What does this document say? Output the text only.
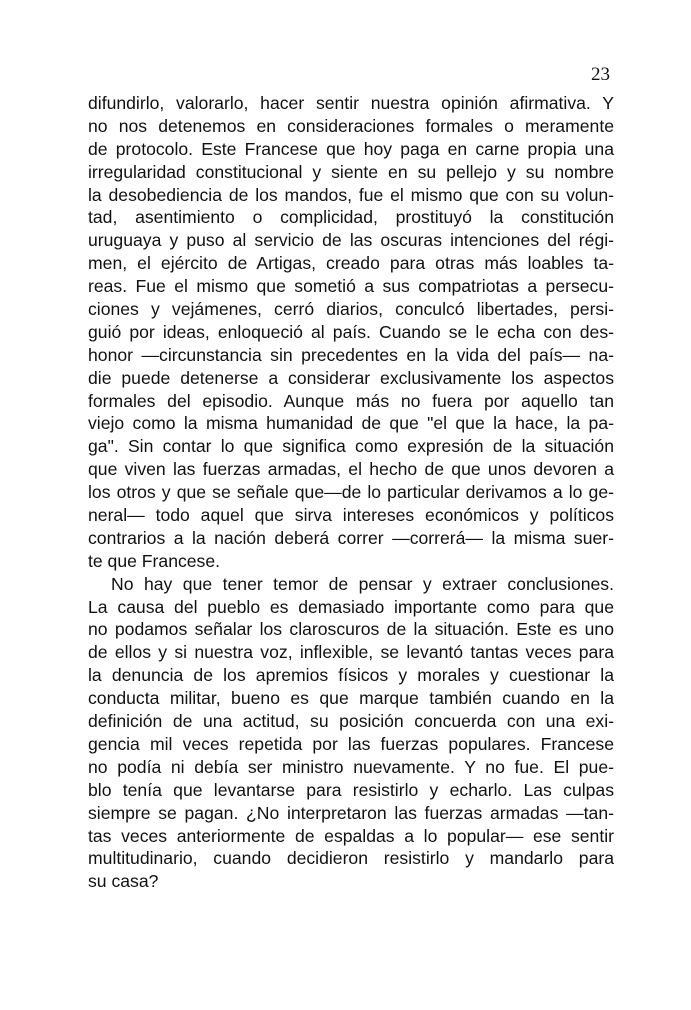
23
difundirlo, valorarlo, hacer sentir nuestra opinión afirmativa. Y
no nos detenemos en consideraciones formales o meramente
de protocolo. Este Francese que hoy paga en carne propia una
irregularidad constitucional y siente en su pellejo y su nombre
la desobediencia de los mandos, fue el mismo que con su volun-
tad, asentimiento o complicidad, prostituyó la constitución
uruguaya y puso al servicio de las oscuras intenciones del régi-
men, el ejército de Artigas, creado para otras más loables ta-
reas. Fue el mismo que sometió a sus compatriotas a persecu-
ciones y vejámenes, cerró diarios, conculcó libertades, persi-
guió por ideas, enloqueció al país. Cuando se le echa con des-
honor —circunstancia sin precedentes en la vida del país— na-
die puede detenerse a considerar exclusivamente los aspectos
formales del episodio. Aunque más no fuera por aquello tan
viejo como la misma humanidad de que "el que la hace, la pa-
ga". Sin contar lo que significa como expresión de la situación
que viven las fuerzas armadas, el hecho de que unos devoren a
los otros y que se señale que—de lo particular derivamos a lo ge-
neral— todo aquel que sirva intereses económicos y políticos
contrarios a la nación deberá correr —correrá— la misma suer-
te que Francese.
No hay que tener temor de pensar y extraer conclusiones.
La causa del pueblo es demasiado importante como para que
no podamos señalar los claroscuros de la situación. Este es uno
de ellos y si nuestra voz, inflexible, se levantó tantas veces para
la denuncia de los apremios físicos y morales y cuestionar la
conducta militar, bueno es que marque también cuando en la
definición de una actitud, su posición concuerda con una exi-
gencia mil veces repetida por las fuerzas populares. Francese
no podía ni debía ser ministro nuevamente. Y no fue. El pue-
blo tenía que levantarse para resistirlo y echarlo. Las culpas
siempre se pagan. ¿No interpretaron las fuerzas armadas —tan-
tas veces anteriormente de espaldas a lo popular— ese sentir
multitudinario, cuando decidieron resistirlo y mandarlo para
su casa?
